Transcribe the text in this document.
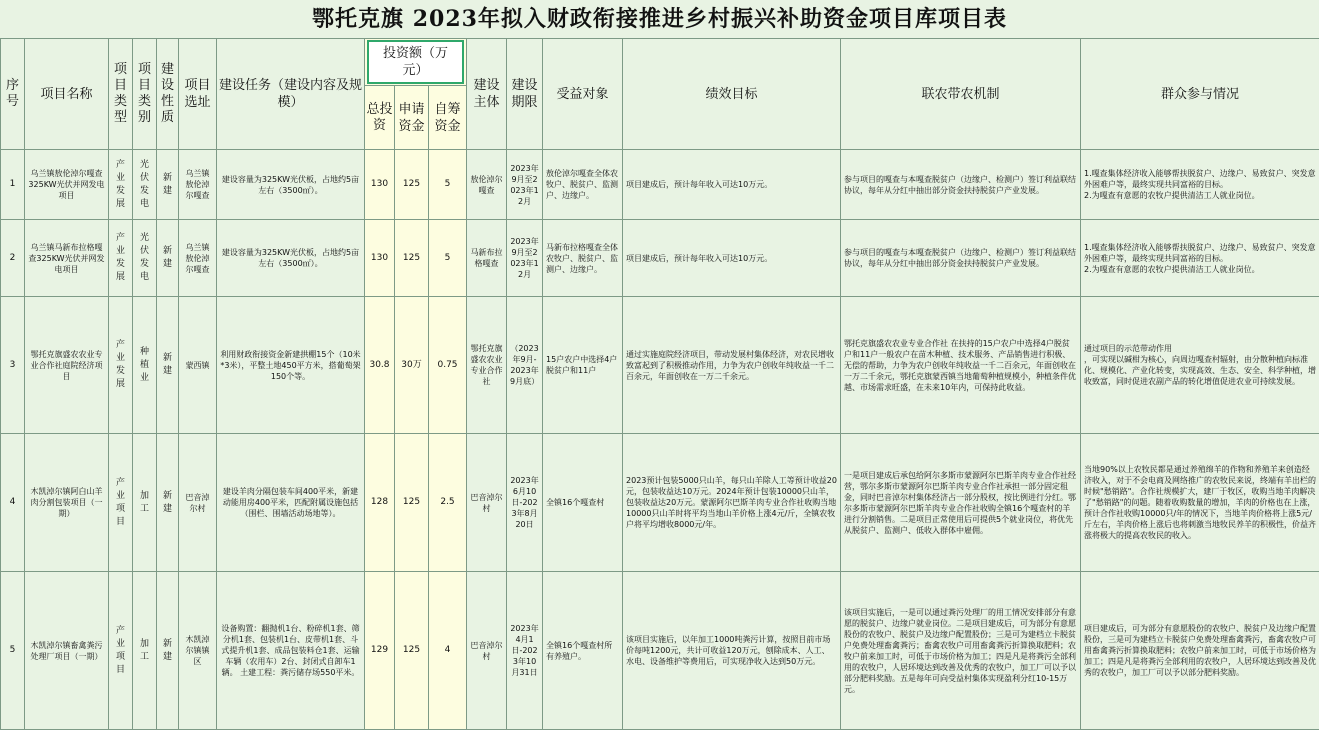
鄂托克旗 2023年拟入财政衔接推进乡村振兴补助资金项目库项目表
序号	项目名称	项目类型	项目类别	建设性质	项目选址	建设任务（建设内容及规模）	投资额（万元）			建设主体	建设期限	受益对象	绩效目标	联农带农机制	群众参与情况
							总投资	申请资金	自筹资金						
1	乌兰镇敖伦淖尔嘎查325KW光伏并网发电项目	产业发展	光伏发电	新建	乌兰镇敖伦淖尔嘎查	建设容量为325KW光伏板，占地约5亩左右（3500㎡）。	130	125	5	敖伦淖尔嘎查	2023年9月至2023年12月	敖伦淖尔嘎查全体农牧户、脱贫户、监测户、边缘户。	项目建成后，预计每年收入可达10万元。	参与项目的嘎查与本嘎查脱贫户（边缘户、检测户）签订利益联结协议，每年从分红中抽出部分资金扶持脱贫户产业发展。	1.嘎查集体经济收入能够帮扶脱贫户、边缘户、易致贫户、突发意外困难户等，最终实现共同富裕的目标。
2.为嘎查有意愿的农牧户提供清洁工人就业岗位。
2	乌兰镇马新布拉格嘎查325KW光伏并网发电项目	产业发展	光伏发电	新建	乌兰镇敖伦淖尔嘎查	建设容量为325KW光伏板，占地约5亩左右（3500㎡）。	130	125	5	马新布拉格嘎查	2023年9月至2023年12月	马新布拉格嘎查全体农牧户、脱贫户、监测户、边缘户。	项目建成后，预计每年收入可达10万元。	参与项目的嘎查与本嘎查脱贫户（边缘户、检测户）签订利益联结协议，每年从分红中抽出部分资金扶持脱贫户产业发展。	1.嘎查集体经济收入能够帮扶脱贫户、边缘户、易致贫户、突发意外困难户等，最终实现共同富裕的目标。
2.为嘎查有意愿的农牧户提供清洁工人就业岗位。
3	鄂托克旗盛农农业专业合作社庭院经济项目	产业发展	种植业	新建	蒙西镇	利用财政衔接资金新建拱棚15个（10米*3米），平整土地450平方米，搭葡萄架150个等。	30.8	30万	0.75	鄂托克旗盛农农业专业合作社	（2023年9月-2023年9月底）	15户农户中选择4户脱贫户和11户	通过实施庭院经济项目，带动发展村集体经济，对农民增收致富起到了积极推动作用，力争为农户创收年纯收益一千二百余元，年面创收在一万二千余元。	鄂托克旗盛农农业专业合作社 在扶持的15户农户中选择4户脱贫户和11户一般农户在苗木种植、技术服务、产品销售进行积极、无偿的帮助，力争为农户创收年纯收益一千二百余元，年面创收在一万二千余元，鄂托克旗蒙西镇当地葡萄种植规模小，种植条件优越、市场需求旺盛，在未来10年内，可保持此收益。	通过项目的示范带动作用
，可实现以碱柑为核心，向周边嘎查村辐射，由分散种植向标准化、规模化、产业化转变，实现高效、生态、安全、科学种植，增收致富，同时促进农副产品的转化增值促进农业可持续发展。
4	木凯淖尔镇阿白山羊肉分割包装项目（一期）	产业项目	加工	新建	巴音淖尔村	建设羊肉分隔包装车间400平米，新建动能用房400平米，匹配附属设施包括（围栏、围墙活动场地等）。	128	125	2.5	巴音淖尔村	2023年6月10日-2023年8月20日	全镇16个嘎查村	2023预计包装5000只山羊，每只山羊除人工等预计收益20元，包装收益达10万元。2024年预计包装10000只山羊，包装收益达20万元。蒙源阿尔巴斯羊肉专业合作社收购当地10000只山羊时将平均当地山羊价格上涨4元/斤，全镇农牧户将平均增收8000元/年。	一是项目建成后承包给阿尔多斯市蒙源阿尔巴斯羊肉专业合作社经营，鄂尔多斯市蒙源阿尔巴斯羊肉专业合作社承担一部分固定租金，同时巴音淖尔村集体经济占一部分股权，按比例进行分红。鄂尔多斯市蒙源阿尔巴斯羊肉专业合作社收购全镇16个嘎查村的羊进行分割销售。二是项目正常使用后可提供5个就业岗位，将优先从脱贫户、监测户、低收入群体中雇佣。	当地90%以上农牧民都是通过养殖绵羊的作物和养殖羊来创造经济收入，对于不会电商及网络推广的农牧民来说，终端有羊出栏的时候"愁销路"。合作社规模扩大，建厂于牧区，收购当地羊肉解决了"愁销路"的问题。随着收购数量的增加，羊肉的价格也在上涨，预计合作社收购10000只/年的情况下，当地羊肉价格将上涨5元/斤左右，羊肉价格上涨后也将刺激当地牧民养羊的积极性，价益齐涨将极大的提高农牧民的收入。
5	木凯淖尔镇畜禽粪污处理厂项目（一期）	产业项目	加工	新建	木凯淖尔镇镇区	设备购置：翻抛机1台、粉碎机1套、筛分机1套、包装机1台、皮带机1套、斗式提升机1套、成品包装料仓1套、运输车辆（农用车）2台、封闭式自卸车1辆。 土建工程：粪污储存场550平米。	129	125	4	巴音淖尔村	2023年4月1日-2023年10月31日	全镇16个嘎查村所有养殖户。	该项目实施后，以年加工1000吨粪污计算，按照目前市场价每吨1200元，共计可收益120万元，刨除成本、人工、水电、设备维护等费用后，可实现净收入达到50万元。	该项目实施后，一是可以通过粪污处理厂的用工情况安排部分有意愿的脱贫户、边缘户就业岗位。二是项目建成后，可为部分有意愿股份的农牧户、脱贫户及边缘户配置股份；三是可为建档立卡脱贫户免费处理畜禽粪污；畜禽农牧户可用畜禽粪污折算换取肥料；农牧户前来加工时，可低于市场价格为加工；四是凡是将粪污全部利用的农牧户，人居环境达到改善及优秀的农牧户，加工厂可以予以部分肥料奖励。五是每年可向受益村集体实现盈利分红10-15万元。	项目建成后，可为部分有意愿股份的农牧户、脱贫户及边缘户配置股份，三是可为建档立卡脱贫户免费处理畜禽粪污，畜禽农牧户可用畜禽粪污折算换取肥料；农牧户前来加工时，可低于市场价格为加工；四是凡是将粪污全部利用的农牧户，人居环境达到改善及优秀的农牧户，加工厂可以予以部分肥料奖励。
